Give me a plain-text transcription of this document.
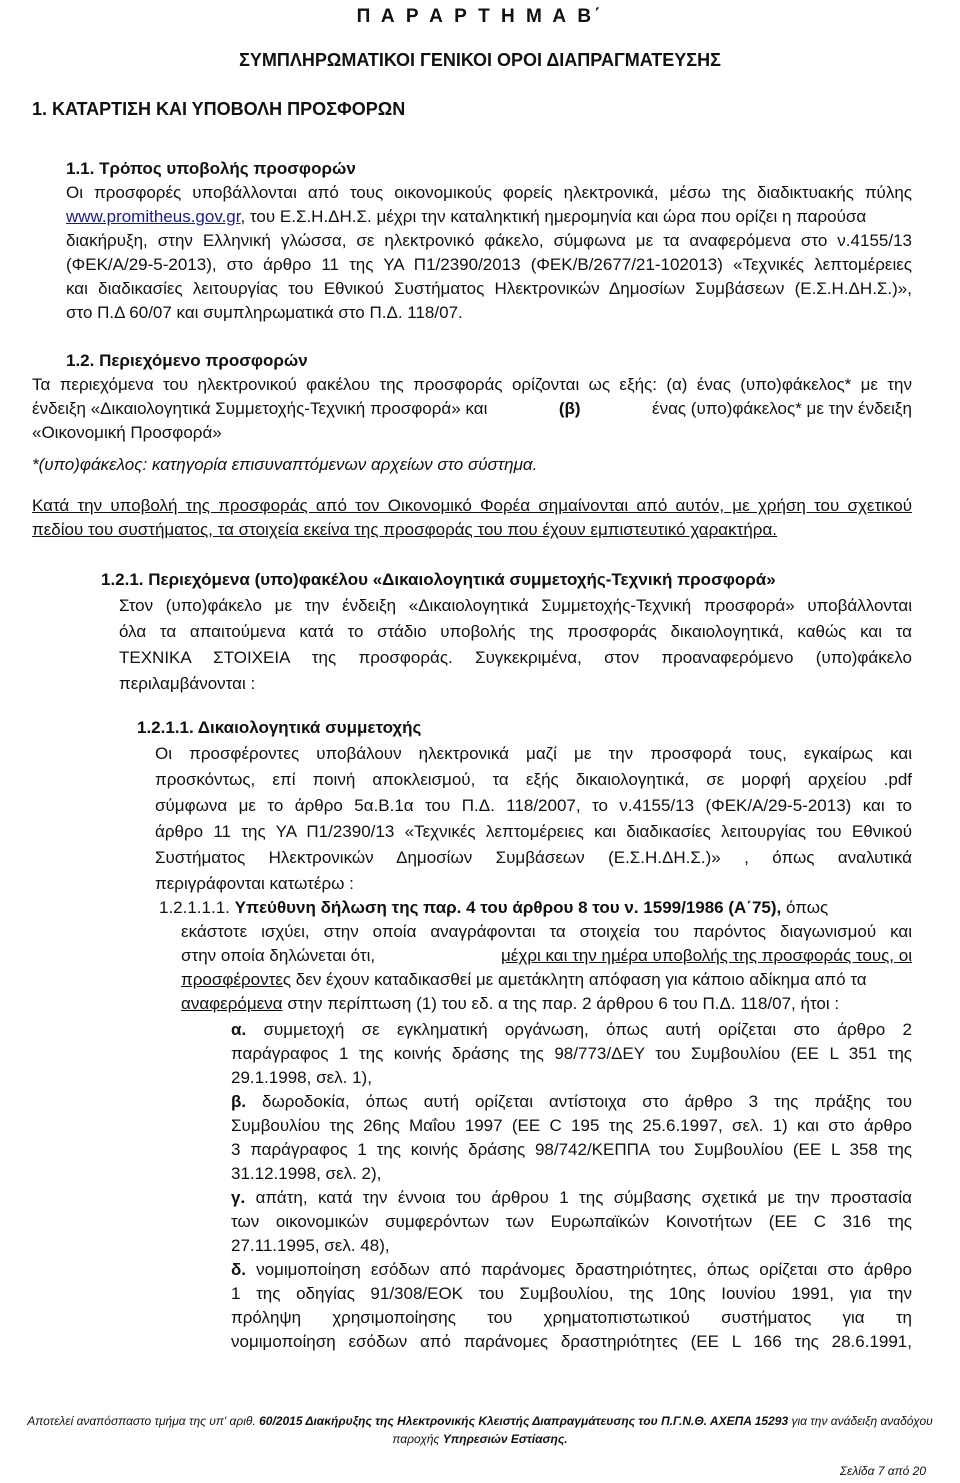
Π Α Ρ Α Ρ Τ Η Μ Α Β΄
ΣΥΜΠΛΗΡΩΜΑΤΙΚΟΙ ΓΕΝΙΚΟΙ ΟΡΟΙ ΔΙΑΠΡΑΓΜΑΤΕΥΣΗΣ
1. ΚΑΤΑΡΤΙΣΗ ΚΑΙ ΥΠΟΒΟΛΗ ΠΡΟΣΦΟΡΩΝ
1.1. Τρόπος υποβολής προσφορών
Οι προσφορές υποβάλλονται από τους οικονομικούς φορείς ηλεκτρονικά, μέσω της διαδικτυακής πύλης
www.promitheus.gov.gr, του Ε.Σ.Η.ΔΗ.Σ. μέχρι την καταληκτική ημερομηνία και ώρα που ορίζει η παρούσα
διακήρυξη, στην Ελληνική γλώσσα, σε ηλεκτρονικό φάκελο, σύμφωνα με τα αναφερόμενα στο ν.4155/13
(ΦΕΚ/Α/29-5-2013), στο άρθρο 11 της ΥΑ Π1/2390/2013 (ΦΕΚ/Β/2677/21-102013) «Τεχνικές λεπτομέρειες
και διαδικασίες λειτουργίας του Εθνικού Συστήματος Ηλεκτρονικών Δημοσίων Συμβάσεων (Ε.Σ.Η.ΔΗ.Σ.)»,
στο Π.Δ 60/07 και συμπληρωματικά στο Π.Δ. 118/07.
1.2. Περιεχόμενο προσφορών
Τα περιεχόμενα του ηλεκτρονικού φακέλου της προσφοράς ορίζονται ως εξής: (α) ένας (υπο)φάκελος* με την
ένδειξη «Δικαιολογητικά Συμμετοχής-Τεχνική προσφορά» και	(β)	ένας (υπο)φάκελος* με την ένδειξη
«Οικονομική Προσφορά»
*(υπο)φάκελος: κατηγορία επισυναπτόμενων αρχείων στο σύστημα.
Κατά την υποβολή της προσφοράς από τον Οικονομικό Φορέα σημαίνονται από αυτόν, με χρήση του σχετικού
πεδίου του συστήματος, τα στοιχεία εκείνα της προσφοράς του που έχουν εμπιστευτικό χαρακτήρα.
1.2.1. Περιεχόμενα (υπο)φακέλου «Δικαιολογητικά συμμετοχής-Τεχνική προσφορά»
Στον (υπο)φάκελο με την ένδειξη «Δικαιολογητικά Συμμετοχής-Τεχνική προσφορά» υποβάλλονται
όλα τα απαιτούμενα κατά το στάδιο υποβολής της προσφοράς δικαιολογητικά, καθώς και τα
ΤΕΧΝΙΚΑ ΣΤΟΙΧΕΙΑ της προσφοράς. Συγκεκριμένα, στον προαναφερόμενο (υπο)φάκελο
περιλαμβάνονται :
1.2.1.1. Δικαιολογητικά συμμετοχής
Οι προσφέροντες υποβάλουν ηλεκτρονικά μαζί με την προσφορά τους, εγκαίρως και
προσκόντως, επί ποινή αποκλεισμού, τα εξής δικαιολογητικά, σε μορφή αρχείου .pdf
σύμφωνα με το άρθρο 5α.Β.1α του Π.Δ. 118/2007, το ν.4155/13 (ΦΕΚ/Α/29-5-2013) και το
άρθρο 11 της ΥΑ Π1/2390/13 «Τεχνικές λεπτομέρειες και διαδικασίες λειτουργίας του Εθνικού
Συστήματος Ηλεκτρονικών Δημοσίων Συμβάσεων (Ε.Σ.Η.ΔΗ.Σ.)» , όπως αναλυτικά
περιγράφονται κατωτέρω :
1.2.1.1.1. Υπεύθυνη δήλωση της παρ. 4 του άρθρου 8 του ν. 1599/1986 (Α΄75), όπως
εκάστοτε ισχύει, στην οποία αναγράφονται τα στοιχεία του παρόντος διαγωνισμού και
στην οποία δηλώνεται ότι,	μέχρι και την ημέρα υποβολής της προσφοράς τους, οι
προσφέροντες δεν έχουν καταδικασθεί με αμετάκλητη απόφαση για κάποιο αδίκημα από τα
αναφερόμενα στην περίπτωση (1) του εδ. α της παρ. 2 άρθρου 6 του Π.Δ. 118/07, ήτοι :
α. συμμετοχή σε εγκληματική οργάνωση, όπως αυτή ορίζεται στο άρθρο 2
παράγραφος 1 της κοινής δράσης της 98/773/ΔΕΥ του Συμβουλίου (ΕΕ L 351 της
29.1.1998, σελ. 1),
β. δωροδοκία, όπως αυτή ορίζεται αντίστοιχα στο άρθρο 3 της πράξης του
Συμβουλίου της 26ης Μαΐου 1997 (ΕΕ C 195 της 25.6.1997, σελ. 1) και στο άρθρο
3 παράγραφος 1 της κοινής δράσης 98/742/ΚΕΠΠΑ του Συμβουλίου (ΕΕ L 358 της
31.12.1998, σελ. 2),
γ. απάτη, κατά την έννοια του άρθρου 1 της σύμβασης σχετικά με την προστασία
των οικονομικών συμφερόντων των Ευρωπαϊκών Κοινοτήτων (ΕΕ C 316 της
27.11.1995, σελ. 48),
δ. νομιμοποίηση εσόδων από παράνομες δραστηριότητες, όπως ορίζεται στο άρθρο
1 της οδηγίας 91/308/ΕΟΚ του Συμβουλίου, της 10ης Ιουνίου 1991, για την
πρόληψη χρησιμοποίησης του χρηματοπιστωτικού συστήματος για τη
νομιμοποίηση εσόδων από παράνομες δραστηριότητες (ΕΕ L 166 της 28.6.1991,
Αποτελεί αναπόσπαστο τμήμα της υπ' αριθ. 60/2015 Διακήρυξης της Ηλεκτρονικής Κλειστής Διαπραγμάτευσης του Π.Γ.Ν.Θ. ΑΧΕΠΑ 15293 για την ανάδειξη αναδόχου
παροχής Υπηρεσιών Εστίασης.
Σελίδα 7 από 20
